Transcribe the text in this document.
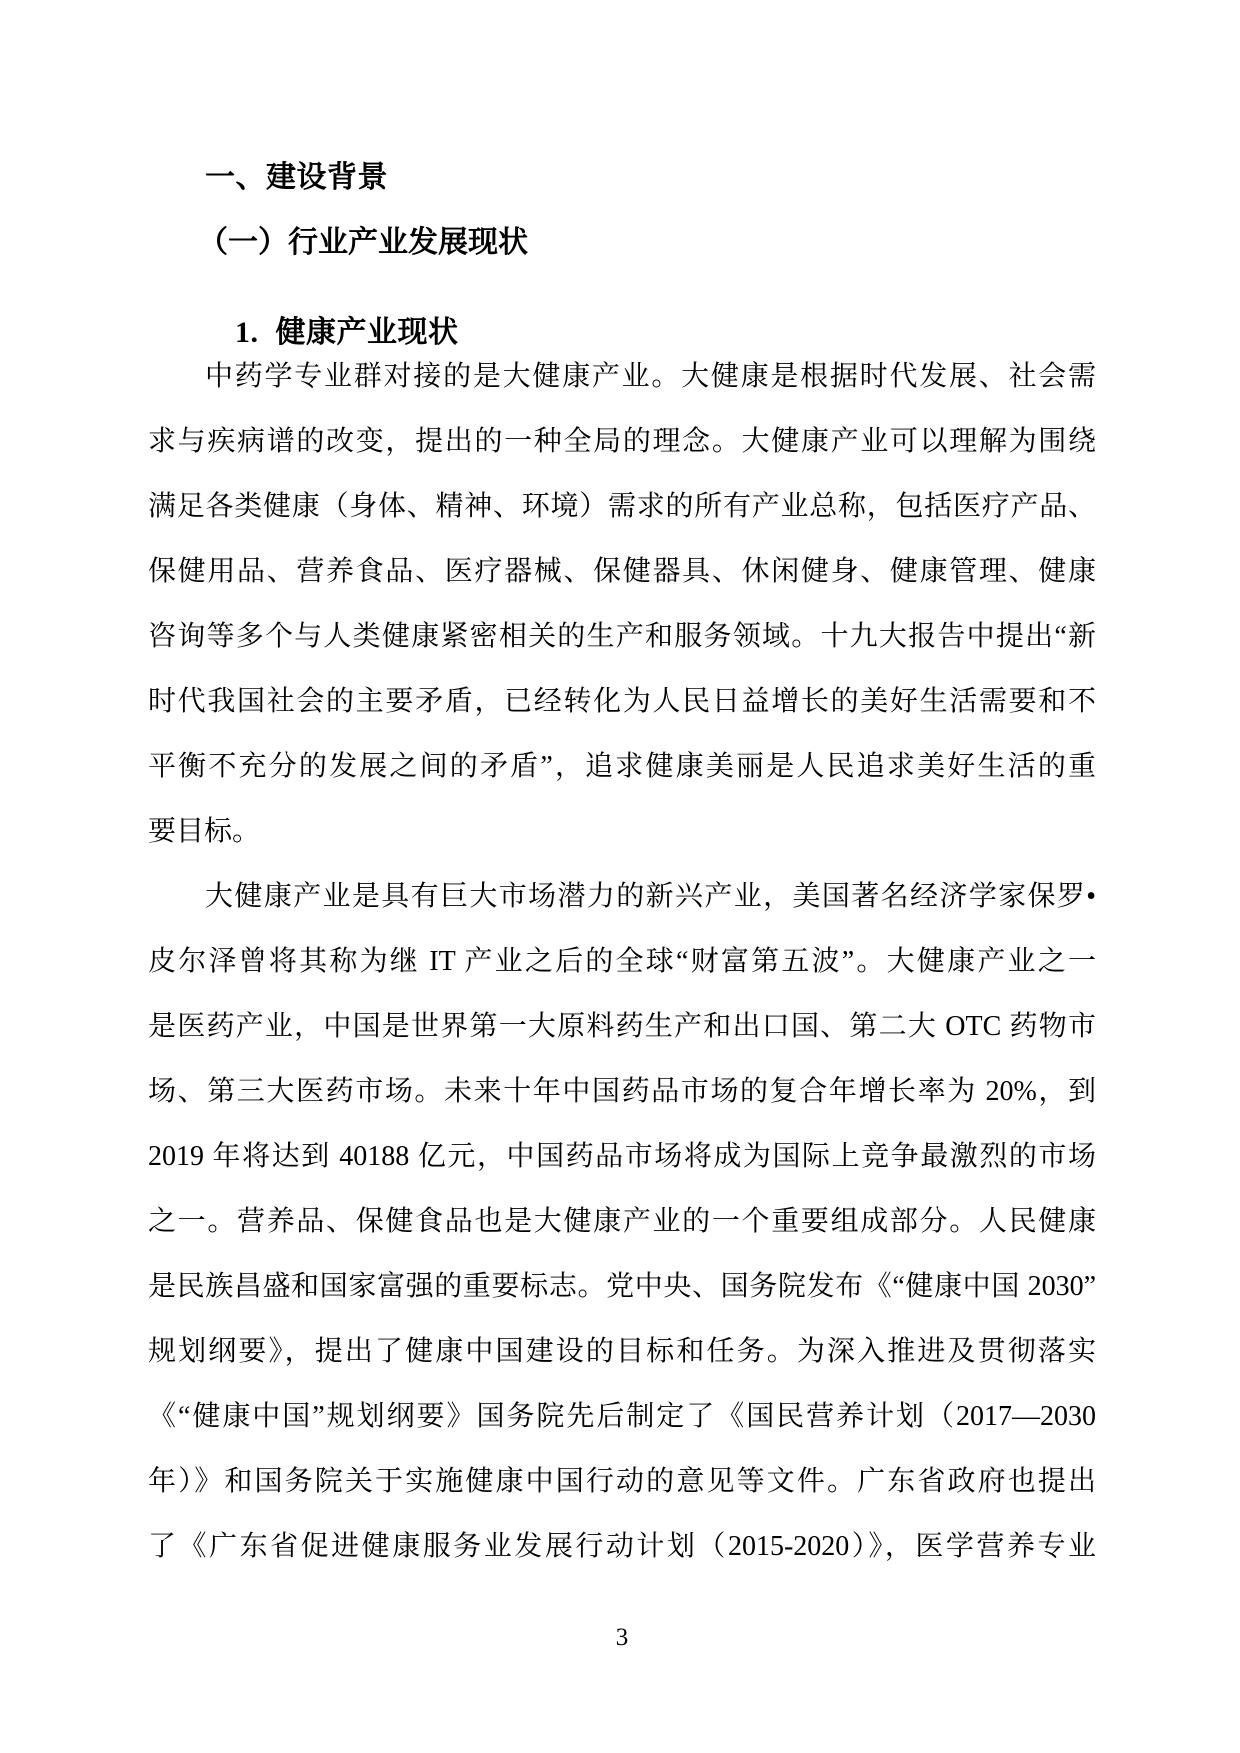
一、建设背景
（一）行业产业发展现状

1. 健康产业现状

中药学专业群对接的是大健康产业。大健康是根据时代发展、社会需
求与疾病谱的改变，提出的一种全局的理念。大健康产业可以理解为围绕
满足各类健康（身体、精神、环境）需求的所有产业总称，包括医疗产品、
保健用品、营养食品、医疗器械、保健器具、休闲健身、健康管理、健康
咨询等多个与人类健康紧密相关的生产和服务领域。十九大报告中提出“新
时代我国社会的主要矛盾，已经转化为人民日益增长的美好生活需要和不
平衡不充分的发展之间的矛盾”，追求健康美丽是人民追求美好生活的重
要目标。
大健康产业是具有巨大市场潜力的新兴产业，美国著名经济学家保罗•
皮尔泽曾将其称为继 IT 产业之后的全球“财富第五波”。大健康产业之一
是医药产业，中国是世界第一大原料药生产和出口国、第二大 OTC 药物市
场、第三大医药市场。未来十年中国药品市场的复合年增长率为 20%，到
2019 年将达到 40188 亿元，中国药品市场将成为国际上竞争最激烈的市场
之一。营养品、保健食品也是大健康产业的一个重要组成部分。人民健康
是民族昌盛和国家富强的重要标志。党中央、国务院发布《“健康中国 2030”
规划纲要》，提出了健康中国建设的目标和任务。为深入推进及贯彻落实
《“健康中国”规划纲要》国务院先后制定了《国民营养计划（2017—2030
年）》和国务院关于实施健康中国行动的意见等文件。广东省政府也提出
了《广东省促进健康服务业发展行动计划（2015-2020）》，医学营养专业
3
